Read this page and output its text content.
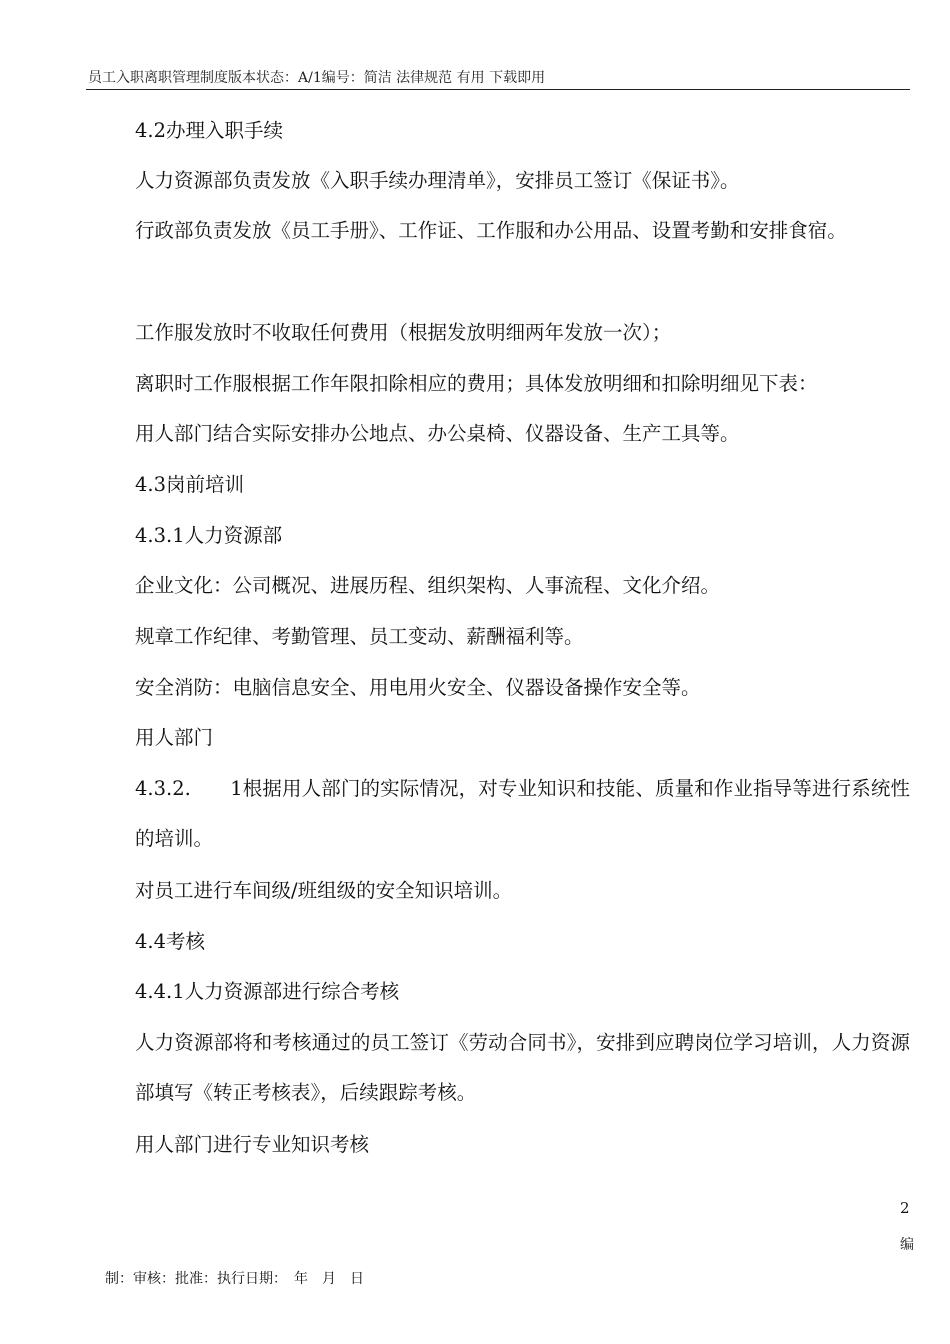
员工入职离职管理制度版本状态：A/1编号：简洁 法律规范 有用 下载即用

4.2办理入职手续

人力资源部负责发放《入职手续办理清单》，安排员工签订《保证书》。

行政部负责发放《员工手册》、工作证、工作服和办公用品、设置考勤和安排食宿。

工作服发放时不收取任何费用（根据发放明细两年发放一次）；

离职时工作服根据工作年限扣除相应的费用；具体发放明细和扣除明细见下表：

用人部门结合实际安排办公地点、办公桌椅、仪器设备、生产工具等。

4.3岗前培训

4.3.1人力资源部

企业文化：公司概况、进展历程、组织架构、人事流程、文化介绍。

规章工作纪律、考勤管理、员工变动、薪酬福利等。

安全消防：电脑信息安全、用电用火安全、仪器设备操作安全等。

用人部门

4.3.2.　　1根据用人部门的实际情况，对专业知识和技能、质量和作业指导等进行系统性的培训。

对员工进行车间级/班组级的安全知识培训。

4.4考核

4.4.1人力资源部进行综合考核

人力资源部将和考核通过的员工签订《劳动合同书》，安排到应聘岗位学习培训，人力资源部填写《转正考核表》，后续跟踪考核。

用人部门进行专业知识考核

2
编
制：审核：批准：执行日期：　年　月　日
